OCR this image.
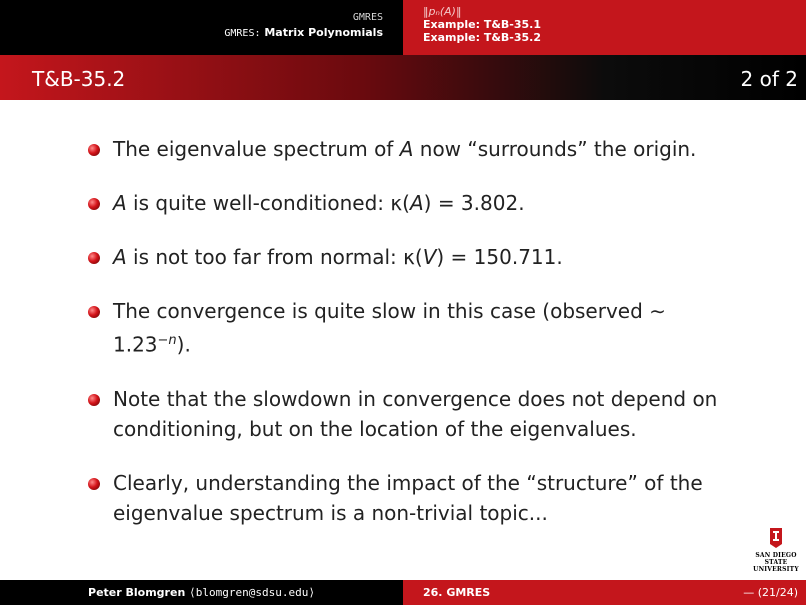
GMRES
GMRES: Matrix Polynomials
‖pₙ(A)‖
Example: T&B-35.1
Example: T&B-35.2
T&B-35.2	2 of 2
The eigenvalue spectrum of A now “surrounds” the origin.
A is quite well-conditioned: κ(A) = 3.802.
A is not too far from normal: κ(V) = 150.711.
The convergence is quite slow in this case (observed ∼ $1.23^{-n}$).
Note that the slowdown in convergence does not depend on conditioning, but on the location of the eigenvalues.
Clearly, understanding the impact of the “structure” of the eigenvalue spectrum is a non-trivial topic...
SAN DIEGO STATE
UNIVERSITY
Peter Blomgren ⟨blomgren@sdsu.edu⟩	26. GMRES	— (21/24)
